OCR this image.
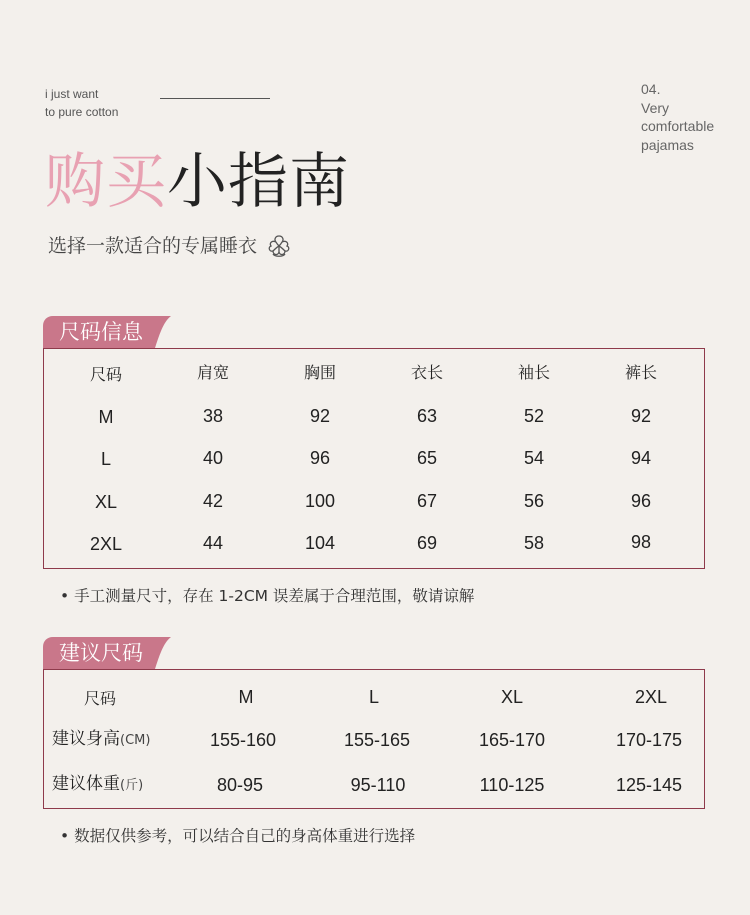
i just want
to pure cotton
04.
Very
comfortable
pajamas
购买小指南
选择一款适合的专属睡衣
尺码信息
尺码	肩宽	胸围	衣长	袖长	裤长
M	38	92	63	52	92
L	40	96	65	54	94
XL	42	100	67	56	96
2XL	44	104	69	58	98
• 手工测量尺寸，存在 1-2CM 误差属于合理范围，敬请谅解
建议尺码
尺码	M	L	XL	2XL
建议身高(CM)	155-160	155-165	165-170	170-175
建议体重(斤)	80-95	95-110	110-125	125-145
• 数据仅供参考，可以结合自己的身高体重进行选择
